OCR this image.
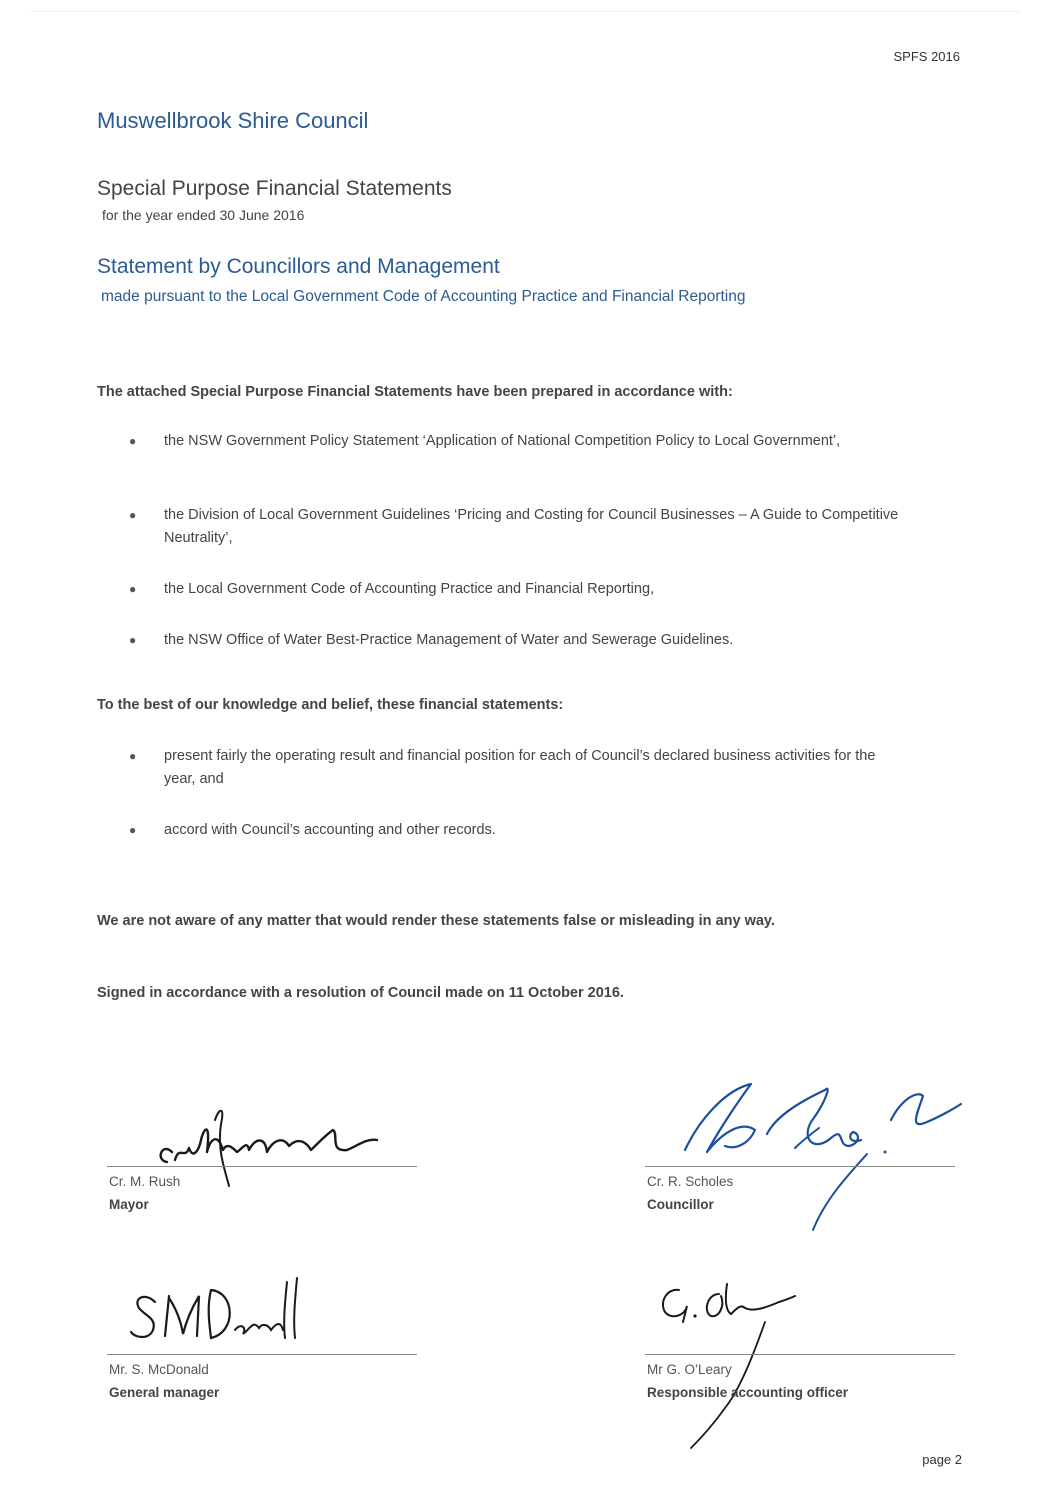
SPFS 2016
Muswellbrook Shire Council
Special Purpose Financial Statements
for the year ended 30 June 2016
Statement by Councillors and Management
made pursuant to the Local Government Code of Accounting Practice and Financial Reporting
The attached Special Purpose Financial Statements have been prepared in accordance with:
● the NSW Government Policy Statement ‘Application of National Competition Policy to Local Government’,
● the Division of Local Government Guidelines ‘Pricing and Costing for Council Businesses – A Guide to Competitive Neutrality’,
● the Local Government Code of Accounting Practice and Financial Reporting,
● the NSW Office of Water Best-Practice Management of Water and Sewerage Guidelines.
To the best of our knowledge and belief, these financial statements:
● present fairly the operating result and financial position for each of Council’s declared business activities for the year, and
● accord with Council’s accounting and other records.
We are not aware of any matter that would render these statements false or misleading in any way.
Signed in accordance with a resolution of Council made on 11 October 2016.
Cr. M. Rush
Mayor
Cr. R. Scholes
Councillor
Mr. S. McDonald
General manager
Mr G. O’Leary
Responsible accounting officer
page 2
